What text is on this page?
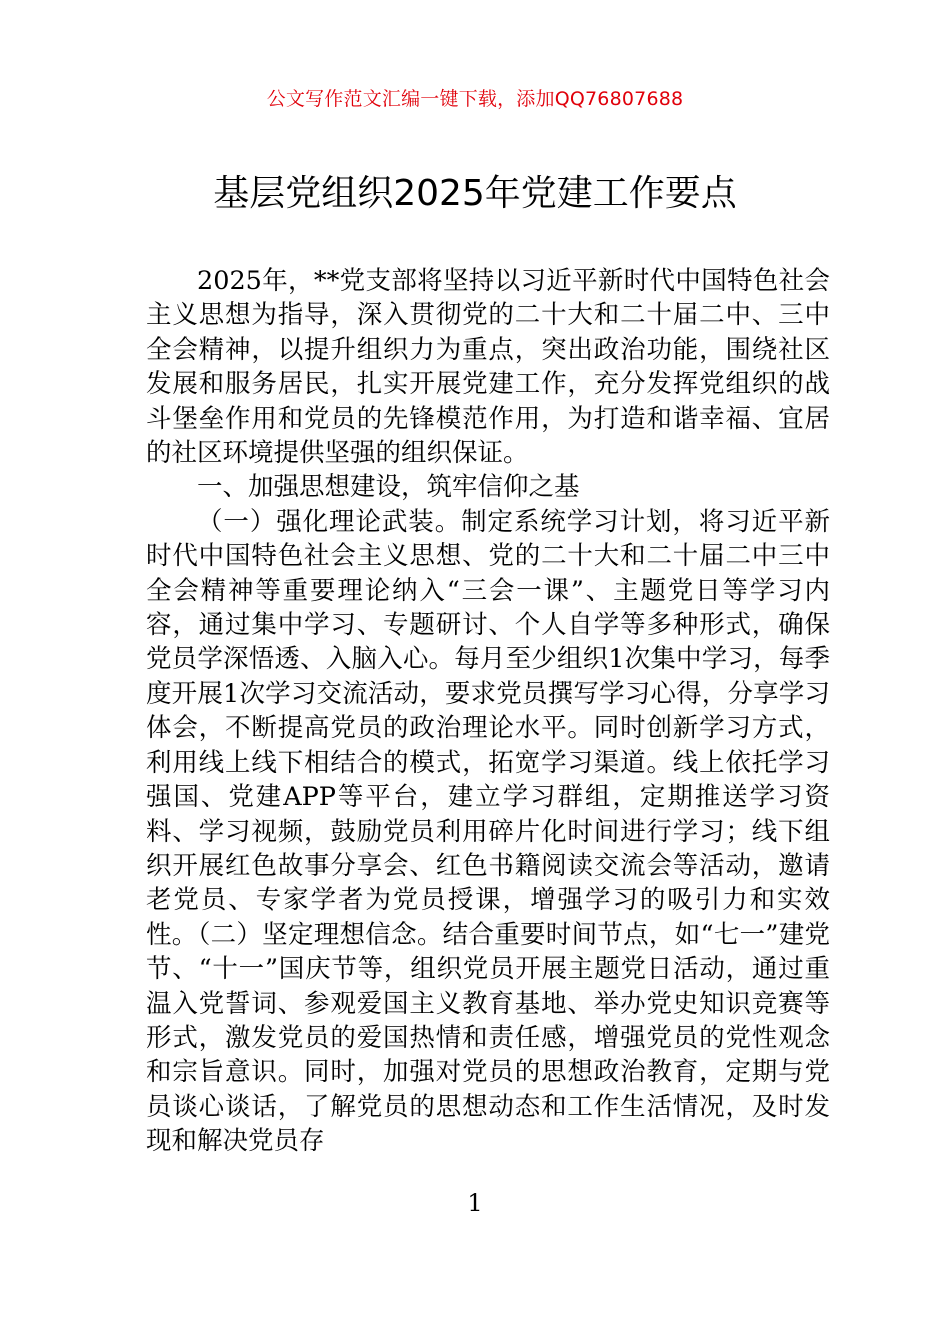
公文写作范文汇编一键下载，添加QQ76807688
基层党组织2025年党建工作要点

2025年，**党支部将坚持以习近平新时代中国特色社会主义思想为指导，深入贯彻党的二十大和二十届二中、三中全会精神，以提升组织力为重点，突出政治功能，围绕社区发展和服务居民，扎实开展党建工作，充分发挥党组织的战斗堡垒作用和党员的先锋模范作用，为打造和谐幸福、宜居的社区环境提供坚强的组织保证。

一、加强思想建设，筑牢信仰之基

（一）强化理论武装。制定系统学习计划，将习近平新时代中国特色社会主义思想、党的二十大和二十届二中三中全会精神等重要理论纳入“三会一课”、主题党日等学习内容，通过集中学习、专题研讨、个人自学等多种形式，确保党员学深悟透、入脑入心。每月至少组织1次集中学习，每季度开展1次学习交流活动，要求党员撰写学习心得，分享学习体会，不断提高党员的政治理论水平。同时创新学习方式，利用线上线下相结合的模式，拓宽学习渠道。线上依托学习强国、党建APP等平台，建立学习群组，定期推送学习资料、学习视频，鼓励党员利用碎片化时间进行学习；线下组织开展红色故事分享会、红色书籍阅读交流会等活动，邀请老党员、专家学者为党员授课，增强学习的吸引力和实效性。（二）坚定理想信念。结合重要时间节点，如“七一”建党节、“十一”国庆节等，组织党员开展主题党日活动，通过重温入党誓词、参观爱国主义教育基地、举办党史知识竞赛等形式，激发党员的爱国热情和责任感，增强党员的党性观念和宗旨意识。同时，加强对党员的思想政治教育，定期与党员谈心谈话，了解党员的思想动态和工作生活情况，及时发现和解决党员存

1
